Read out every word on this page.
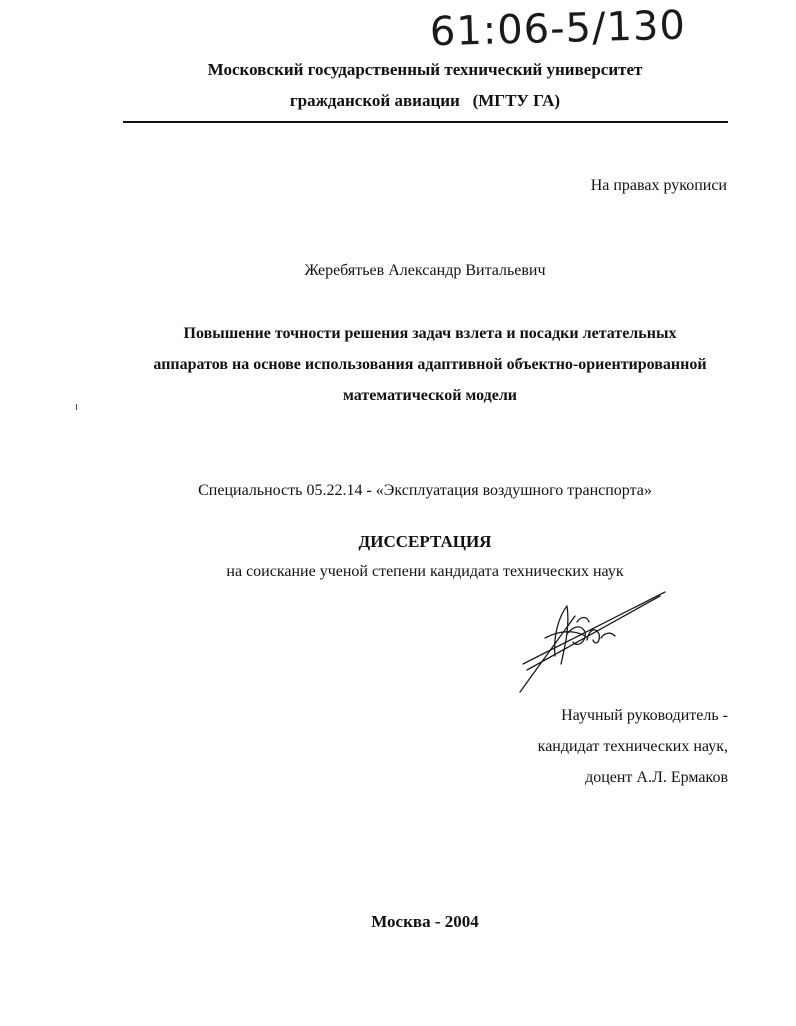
61:06-5/130
Московский государственный технический университет
гражданской авиации   (МГТУ ГА)
На правах рукописи
Жеребятьев Александр Витальевич
Повышение точности решения задач взлета и посадки летательных
аппаратов на основе использования адаптивной объектно-ориентированной
математической модели
Специальность 05.22.14 - «Эксплуатация воздушного транспорта»
ДИССЕРТАЦИЯ
на соискание ученой степени кандидата технических наук
Научный руководитель -
кандидат технических наук,
доцент А.Л. Ермаков
Москва - 2004
